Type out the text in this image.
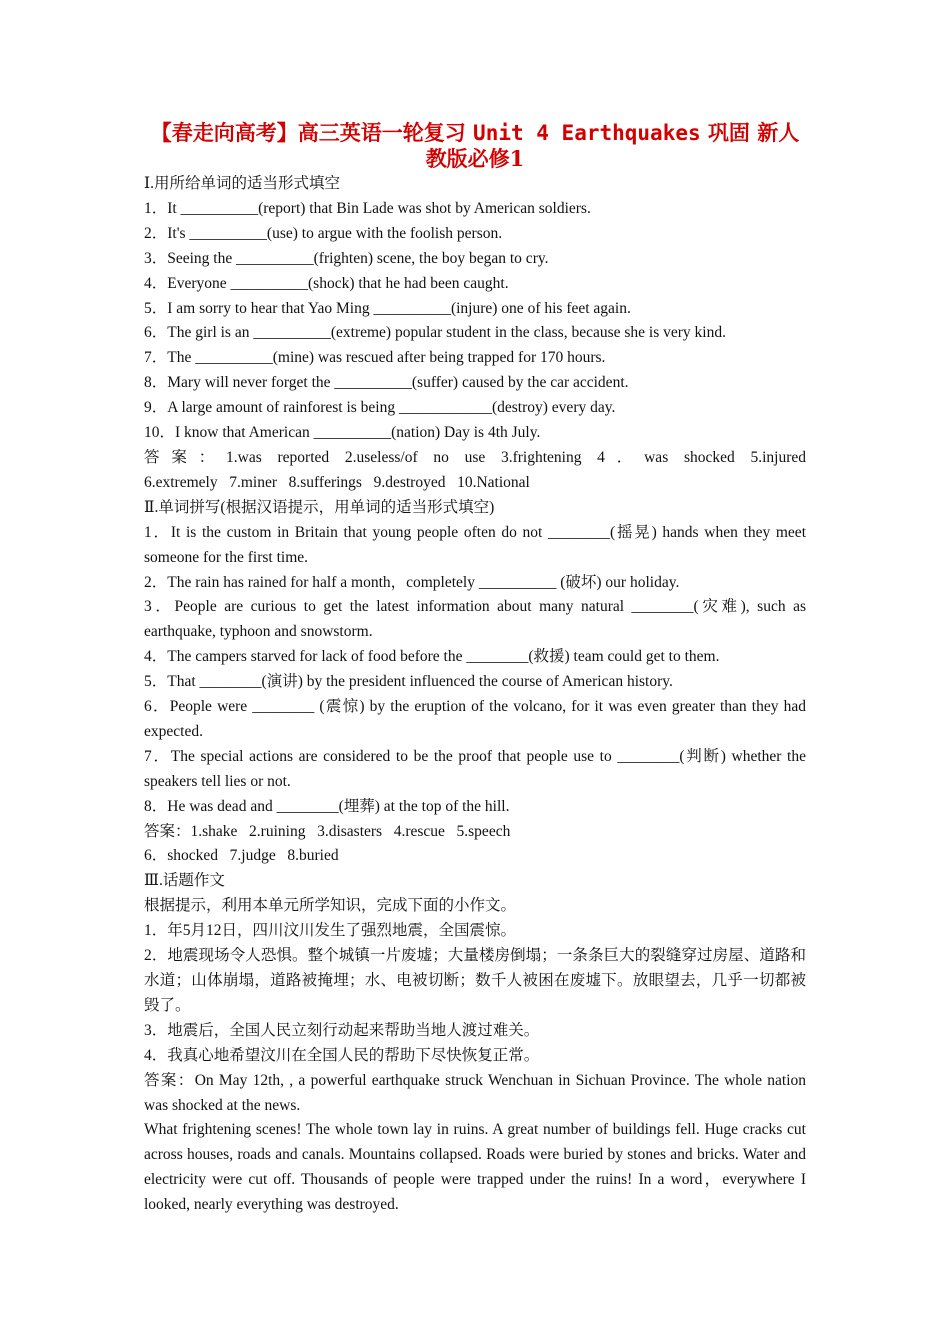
【春走向高考】高三英语一轮复习 Unit 4 Earthquakes 巩固 新人
教版必修1

Ⅰ.用所给单词的适当形式填空

1．It __________(report) that Bin Lade was shot by American soldiers.

2．It's __________(use) to argue with the foolish person.

3．Seeing the __________(frighten) scene, the boy began to cry.

4．Everyone __________(shock) that he had been caught.

5．I am sorry to hear that Yao Ming __________(injure) one of his feet again.

6．The girl is an __________(extreme) popular student in the class, because she is very kind.

7．The __________(mine) was rescued after being trapped for 170 hours.

8．Mary will never forget the __________(suffer) caused by the car accident.

9．A large amount of rainforest is being ____________(destroy) every day.

10．I know that American __________(nation) Day is 4th July.

答案：1.was reported 2.useless/of no use 3.frightening 4．was shocked 5.injured

6.extremely   7.miner   8.sufferings   9.destroyed   10.National

Ⅱ.单词拼写(根据汉语提示，用单词的适当形式填空)

1．It is the custom in Britain that young people often do not ________(摇晃) hands when they meet someone for the first time.

2．The rain has rained for half a month，completely __________ (破坏) our holiday.

3．People are curious to get the latest information about many natural ________(灾难), such as earthquake, typhoon and snowstorm.

4．The campers starved for lack of food before the ________(救援) team could get to them.

5．That ________(演讲) by the president influenced the course of American history.

6．People were ________ (震惊) by the eruption of the volcano, for it was even greater than they had expected.

7．The special actions are considered to be the proof that people use to ________(判断) whether the speakers tell lies or not.

8．He was dead and ________(埋葬) at the top of the hill.

答案：1.shake   2.ruining   3.disasters   4.rescue   5.speech

6．shocked   7.judge   8.buried

Ⅲ.话题作文

根据提示，利用本单元所学知识，完成下面的小作文。

1．年5月12日，四川汶川发生了强烈地震，全国震惊。

2．地震现场令人恐惧。整个城镇一片废墟；大量楼房倒塌；一条条巨大的裂缝穿过房屋、道路和水道；山体崩塌，道路被掩埋；水、电被切断；数千人被困在废墟下。放眼望去，几乎一切都被毁了。

3．地震后，全国人民立刻行动起来帮助当地人渡过难关。

4．我真心地希望汶川在全国人民的帮助下尽快恢复正常。

答案：On May 12th, , a powerful earthquake struck Wenchuan in Sichuan Province. The whole nation was shocked at the news.

What frightening scenes! The whole town lay in ruins. A great number of buildings fell. Huge cracks cut across houses, roads and canals. Mountains collapsed. Roads were buried by stones and bricks. Water and electricity were cut off. Thousands of people were trapped under the ruins! In a word，everywhere I looked, nearly everything was destroyed.
